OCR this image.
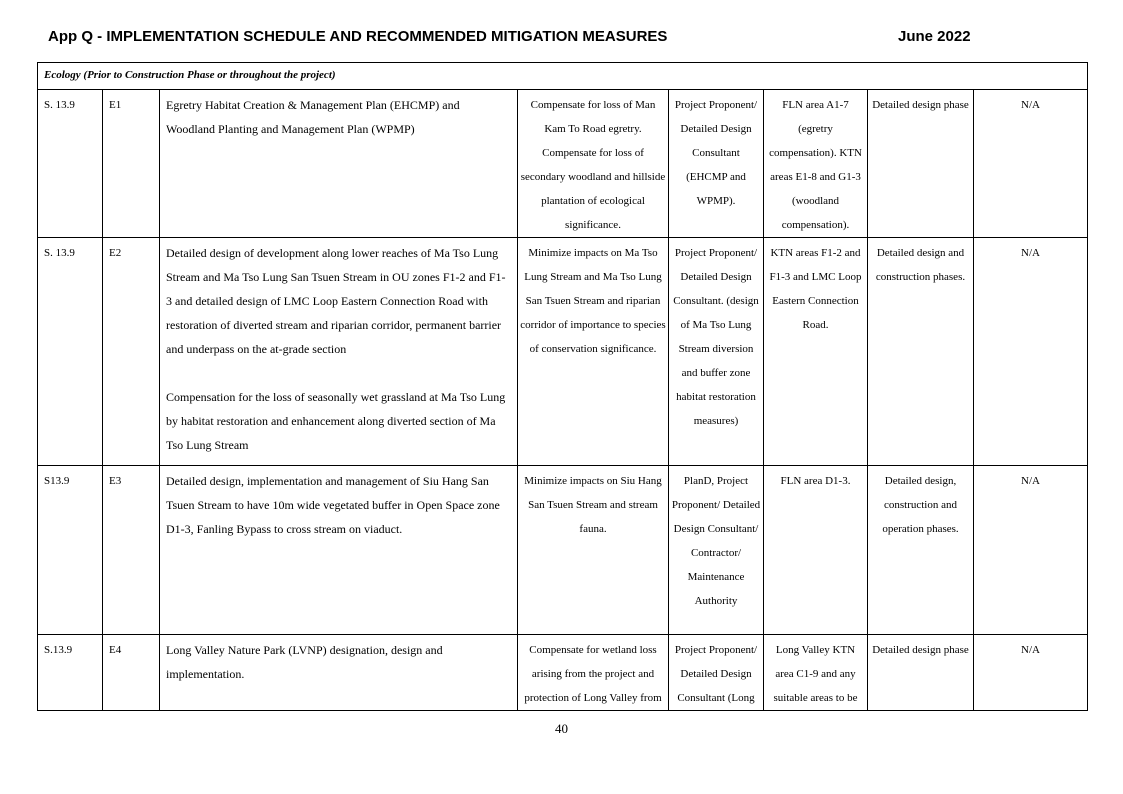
App Q - IMPLEMENTATION SCHEDULE AND RECOMMENDED MITIGATION MEASURES	June 2022
Ecology (Prior to Construction Phase or throughout the project)							
S. 13.9	E1	Egretry Habitat Creation & Management Plan (EHCMP) and Woodland Planting and Management Plan (WPMP)	Compensate for loss of Man Kam To Road egretry. Compensate for loss of secondary woodland and hillside plantation of ecological significance.	Project Proponent/ Detailed Design Consultant (EHCMP and WPMP).	FLN area A1-7 (egretry compensation). KTN areas E1-8 and G1-3 (woodland compensation).	Detailed design phase	N/A
S. 13.9	E2	Detailed design of development along lower reaches of Ma Tso Lung Stream and Ma Tso Lung San Tsuen Stream in OU zones F1-2 and F1-3 and detailed design of LMC Loop Eastern Connection Road with restoration of diverted stream and riparian corridor, permanent barrier and underpass on the at-grade section
Compensation for the loss of seasonally wet grassland at Ma Tso Lung by habitat restoration and enhancement along diverted section of Ma Tso Lung Stream	Minimize impacts on Ma Tso Lung Stream and Ma Tso Lung San Tsuen Stream and riparian corridor of importance to species of conservation significance.	Project Proponent/ Detailed Design Consultant. (design of Ma Tso Lung Stream diversion and buffer zone habitat restoration measures)	KTN areas F1-2 and F1-3 and LMC Loop Eastern Connection Road.	Detailed design and construction phases.	N/A
S13.9	E3	Detailed design, implementation and management of Siu Hang San Tsuen Stream to have 10m wide vegetated buffer in Open Space zone D1-3, Fanling Bypass to cross stream on viaduct.	Minimize impacts on Siu Hang San Tsuen Stream and stream fauna.	PlanD, Project Proponent/ Detailed Design Consultant/ Contractor/ Maintenance Authority	FLN area D1-3.	Detailed design, construction and operation phases.	N/A
S.13.9	E4	Long Valley Nature Park (LVNP) designation, design and implementation.	Compensate for wetland loss arising from the project and protection of Long Valley from	Project Proponent/ Detailed Design Consultant (Long	Long Valley KTN area C1-9 and any suitable areas to be	Detailed design phase	N/A
40
